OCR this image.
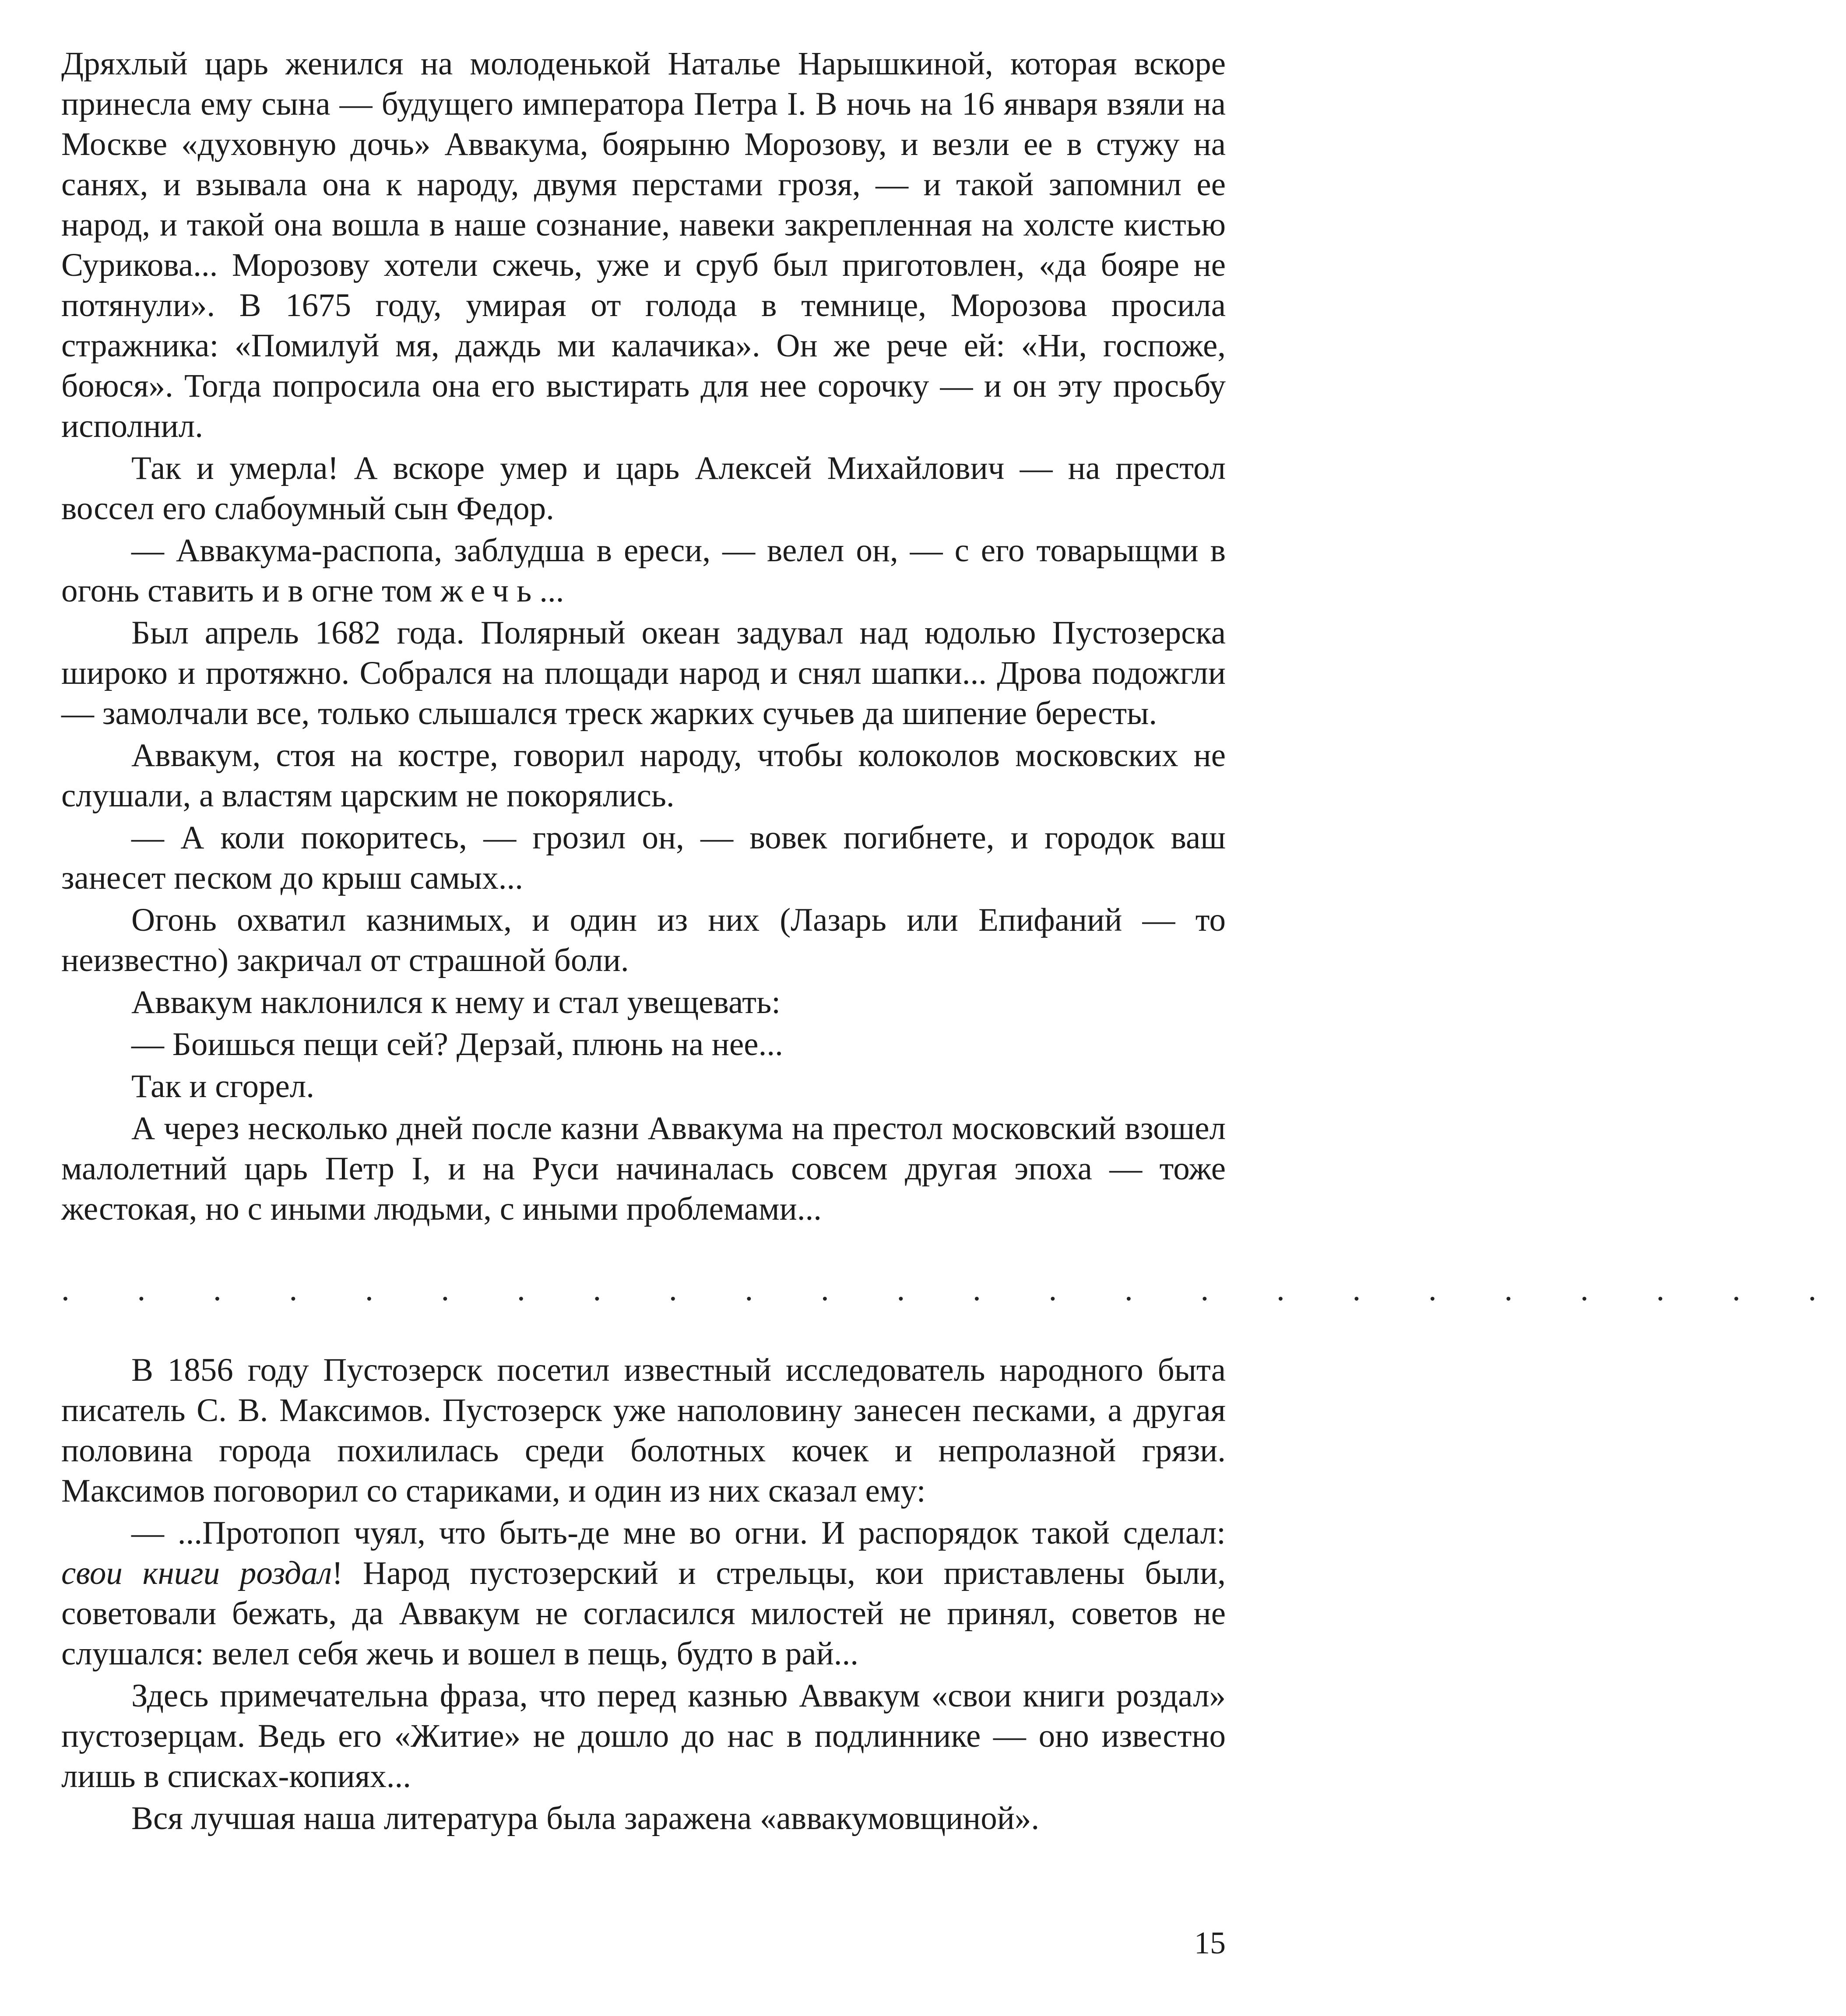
Дряхлый царь женился на молоденькой Наталье Нарышкиной, которая вскоре принесла ему сына — будущего императора Петра I. В ночь на 16 января взяли на Москве «духовную дочь» Аввакума, боярыню Морозову, и везли ее в стужу на санях, и взывала она к народу, двумя перстами грозя, — и такой запомнил ее народ, и такой она вошла в наше сознание, навеки закрепленная на холсте кистью Сурикова... Морозову хотели сжечь, уже и сруб был приготовлен, «да бояре не потянули». В 1675 году, умирая от голода в темнице, Морозова просила стражника: «Помилуй мя, даждь ми калачика». Он же рече ей: «Ни, госпоже, боюся». Тогда попросила она его выстирать для нее сорочку — и он эту просьбу исполнил.

Так и умерла! А вскоре умер и царь Алексей Михайлович — на престол воссел его слабоумный сын Федор.

— Аввакума-распопа, заблудша в ереси, — велел он, — с его товарыщми в огонь ставить и в огне том жечь...

Был апрель 1682 года. Полярный океан задувал над юдолью Пустозерска широко и протяжно. Собрался на площади народ и снял шапки... Дрова подожгли — замолчали все, только слышался треск жарких сучьев да шипение бересты.

Аввакум, стоя на костре, говорил народу, чтобы колоколов московских не слушали, а властям царским не покорялись.

— А коли покоритесь, — грозил он, — вовек погибнете, и городок ваш занесет песком до крыш самых...

Огонь охватил казнимых, и один из них (Лазарь или Епифаний — то неизвестно) закричал от страшной боли.

Аввакум наклонился к нему и стал увещевать:

— Боишься пещи сей? Дерзай, плюнь на нее...

Так и сгорел.

А через несколько дней после казни Аввакума на престол московский взошел малолетний царь Петр I, и на Руси начиналась совсем другая эпоха — тоже жестокая, но с иными людьми, с иными проблемами...

. . . . . . . . . . . . . . . . . . . . . . . .

В 1856 году Пустозерск посетил известный исследователь народного быта писатель С. В. Максимов. Пустозерск уже наполовину занесен песками, а другая половина города похилилась среди болотных кочек и непролазной грязи. Максимов поговорил со стариками, и один из них сказал ему:

— ...Протопоп чуял, что быть-де мне во огни. И распорядок такой сделал: свои книги роздал! Народ пустозерский и стрельцы, кои приставлены были, советовали бежать, да Аввакум не согласился милостей не принял, советов не слушался: велел себя жечь и вошел в пещь, будто в рай...

Здесь примечательна фраза, что перед казнью Аввакум «свои книги роздал» пустозерцам. Ведь его «Житие» не дошло до нас в подлиннике — оно известно лишь в списках-копиях...

Вся лучшая наша литература была заражена «аввакумовщиной».

15
